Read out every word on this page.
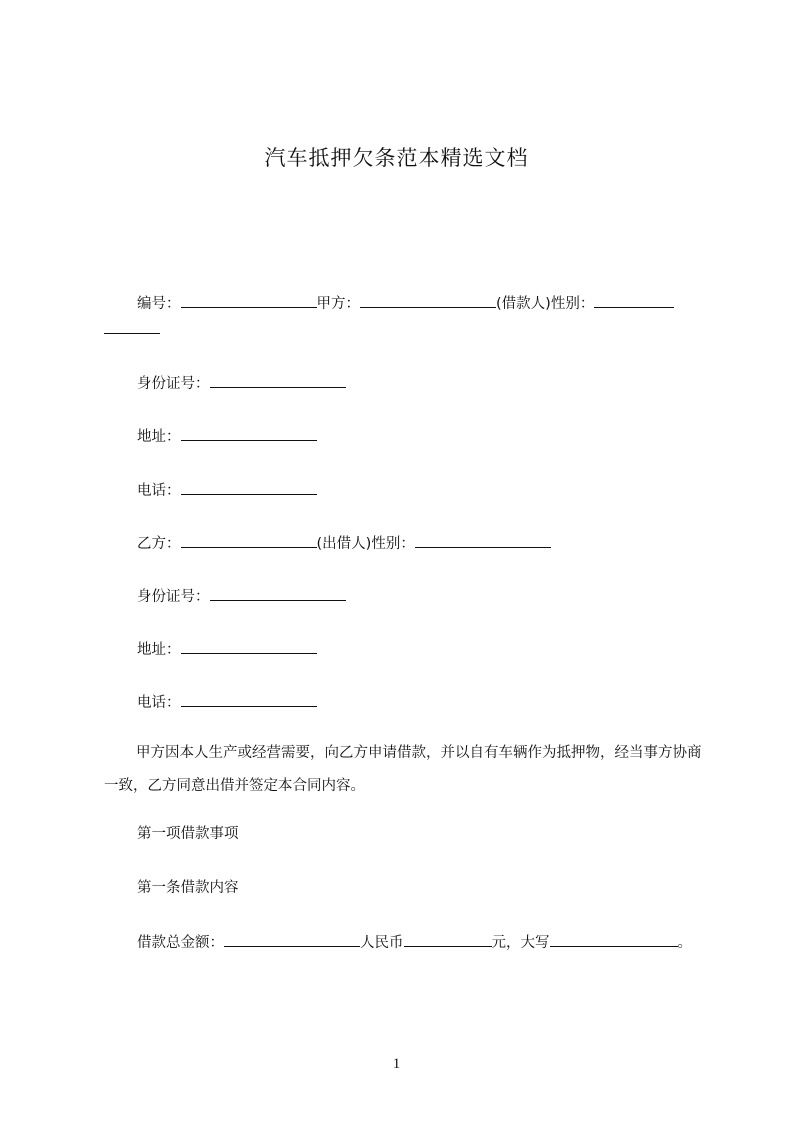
汽车抵押欠条范本精选文档
编号：	甲方：	(借款人)性别：
身份证号：
地址：
电话：
乙方：	(出借人)性别：
身份证号：
地址：
电话：
甲方因本人生产或经营需要，向乙方申请借款，并以自有车辆作为抵押物，经当事方协商一致，乙方同意出借并签定本合同内容。
第一项借款事项
第一条借款内容
借款总金额：	人民币	元，大写	。
1
